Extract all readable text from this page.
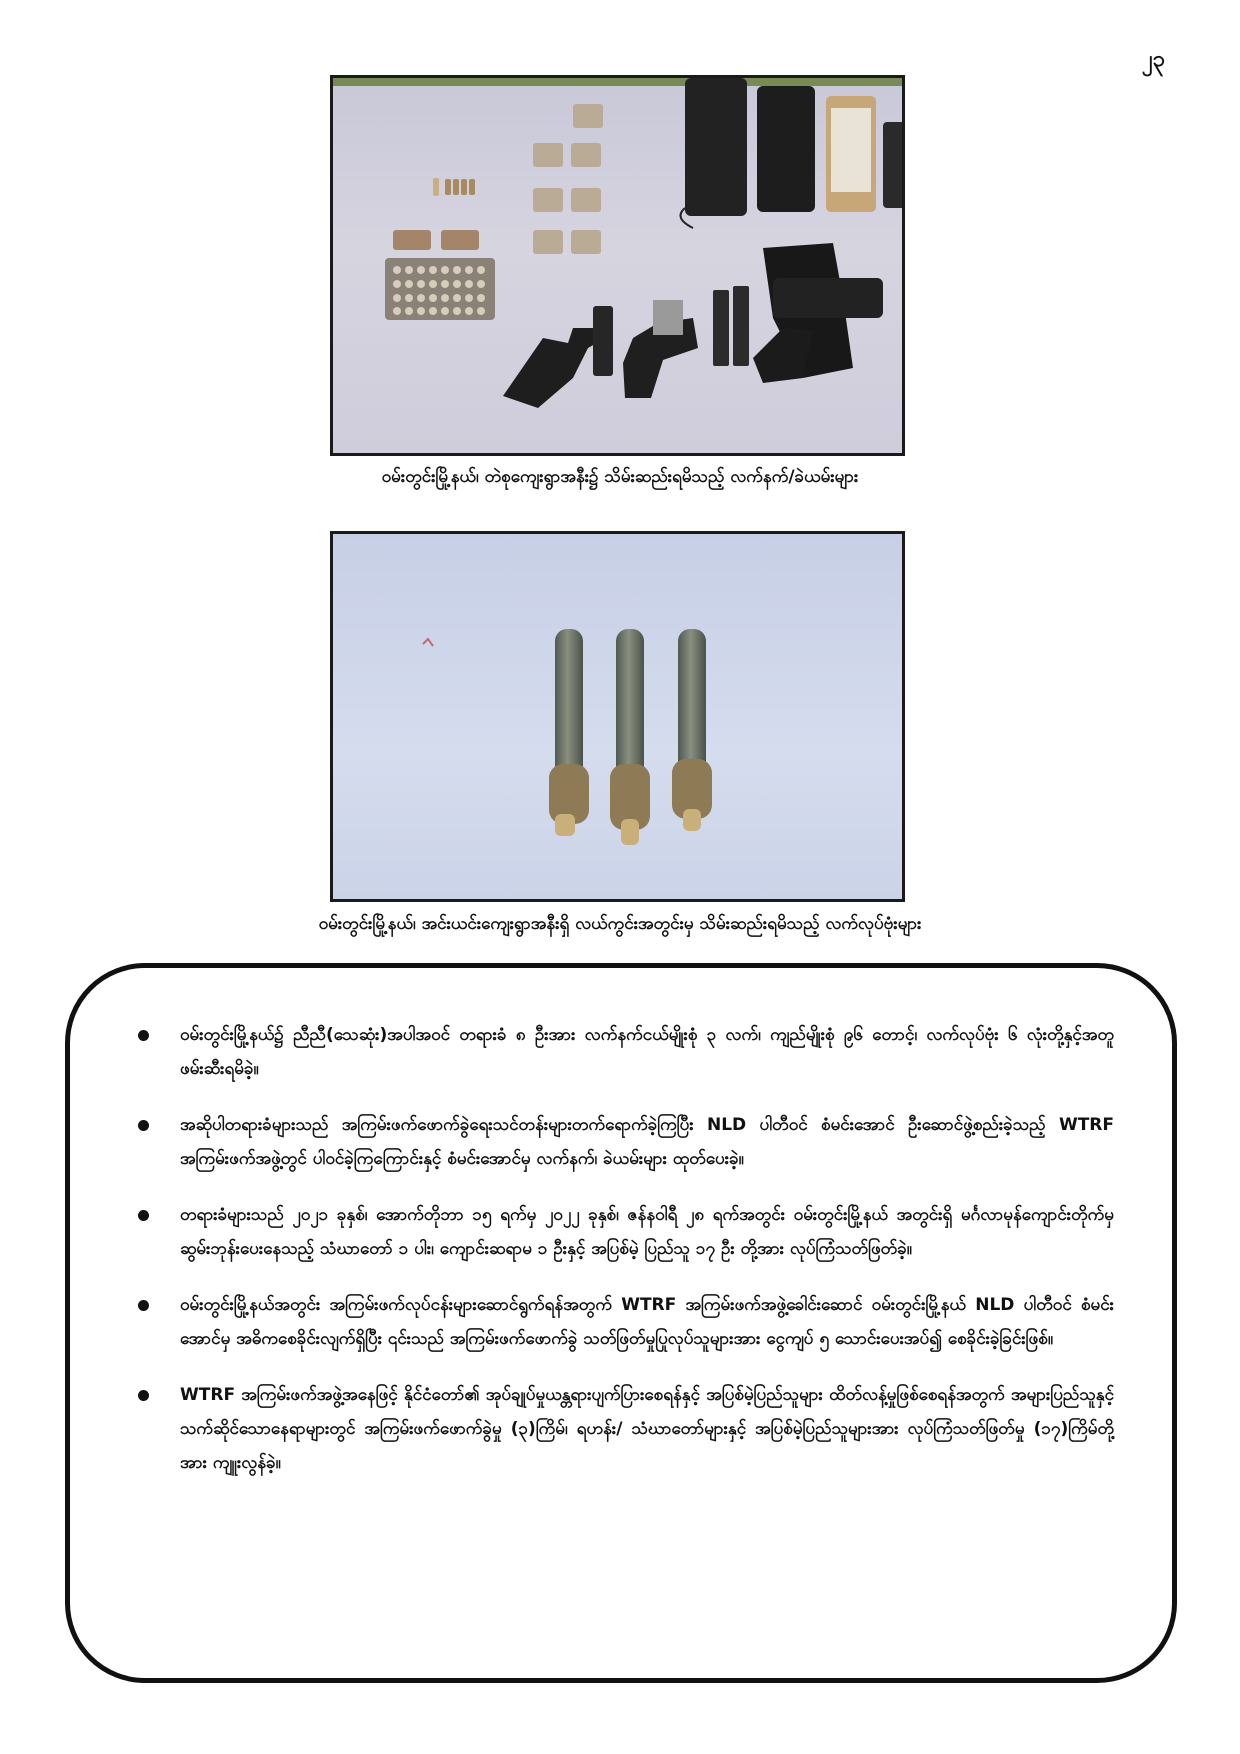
၂၃
ဝမ်းတွင်းမြို့နယ်၊ တဲစုကျေးရွာအနီး၌ သိမ်းဆည်းရမိသည့် လက်နက်/ခဲယမ်းများ
ဝမ်းတွင်းမြို့နယ်၊ အင်းယင်းကျေးရွာအနီးရှိ လယ်ကွင်းအတွင်းမှ သိမ်းဆည်းရမိသည့် လက်လုပ်ဗုံးများ
ဝမ်းတွင်းမြို့နယ်၌ ညီညီ(သေဆုံး)အပါအဝင် တရားခံ ၈ ဦးအား လက်နက်ငယ်မျိုးစုံ ၃ လက်၊ ကျည်မျိုးစုံ ၉၆ တောင့်၊ လက်လုပ်ဗုံး ၆ လုံးတို့နှင့်အတူ ဖမ်းဆီးရမိခဲ့။
အဆိုပါတရားခံများသည် အကြမ်းဖက်ဖောက်ခွဲရေးသင်တန်းများတက်ရောက်ခဲ့ကြပြီး NLD ပါတီဝင် စံမင်းအောင် ဦးဆောင်ဖွဲ့စည်းခဲ့သည့် WTRF အကြမ်းဖက်အဖွဲ့တွင် ပါဝင်ခဲ့ကြကြောင်းနှင့် စံမင်းအောင်မှ လက်နက်၊ ခဲယမ်းများ ထုတ်ပေးခဲ့။
တရားခံများသည် ၂၀၂၁ ခုနှစ်၊ အောက်တိုဘာ ၁၅ ရက်မှ ၂၀၂၂ ခုနှစ်၊ ဇန်နဝါရီ ၂၈ ရက်အတွင်း ဝမ်းတွင်းမြို့နယ် အတွင်းရှိ မင်္ဂလာမုန်ကျောင်းတိုက်မှ ဆွမ်းဘုန်းပေးနေသည့် သံဃာတော် ၁ ပါး၊ ကျောင်းဆရာမ ၁ ဦးနှင့် အပြစ်မဲ့ ပြည်သူ ၁၇ ဦး တို့အား လုပ်ကြံသတ်ဖြတ်ခဲ့။
ဝမ်းတွင်းမြို့နယ်အတွင်း အကြမ်းဖက်လုပ်ငန်းများဆောင်ရွက်ရန်အတွက် WTRF အကြမ်းဖက်အဖွဲ့ခေါင်းဆောင် ဝမ်းတွင်းမြို့နယ် NLD ပါတီဝင် စံမင်းအောင်မှ အဓိကစေခိုင်းလျက်ရှိပြီး ၎င်းသည် အကြမ်းဖက်ဖောက်ခွဲ သတ်ဖြတ်မှုပြုလုပ်သူများအား ငွေကျပ် ၅ သောင်းပေးအပ်၍ စေခိုင်းခဲ့ခြင်းဖြစ်။
WTRF အကြမ်းဖက်အဖွဲ့အနေဖြင့် နိုင်ငံတော်၏ အုပ်ချုပ်မှုယန္တရားပျက်ပြားစေရန်နှင့် အပြစ်မဲ့ပြည်သူများ ထိတ်လန့်မှုဖြစ်စေရန်အတွက် အများပြည်သူနှင့် သက်ဆိုင်သောနေရာများတွင် အကြမ်းဖက်ဖောက်ခွဲမှု (၃)ကြိမ်၊ ရဟန်း/ သံဃာတော်များနှင့် အပြစ်မဲ့ပြည်သူများအား လုပ်ကြံသတ်ဖြတ်မှု (၁၇)ကြိမ်တို့အား ကျူးလွန်ခဲ့။
